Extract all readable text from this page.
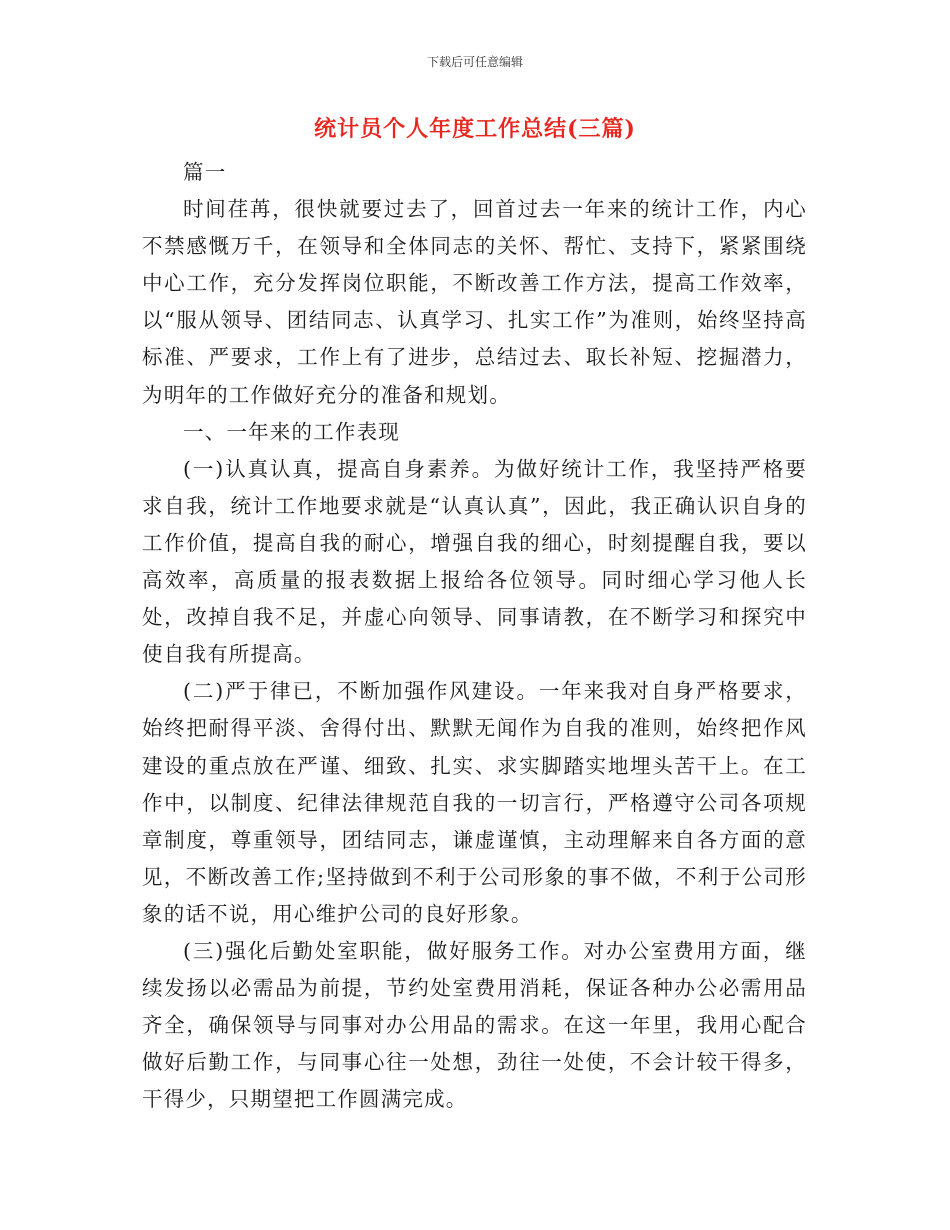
下载后可任意编辑
统计员个人年度工作总结(三篇)

篇一

时间荏苒，很快就要过去了，回首过去一年来的统计工作，内心不禁感慨万千，在领导和全体同志的关怀、帮忙、支持下，紧紧围绕中心工作，充分发挥岗位职能，不断改善工作方法，提高工作效率，以“服从领导、团结同志、认真学习、扎实工作”为准则，始终坚持高标准、严要求，工作上有了进步，总结过去、取长补短、挖掘潜力，为明年的工作做好充分的准备和规划。

一、一年来的工作表现

(一)认真认真，提高自身素养。为做好统计工作，我坚持严格要求自我，统计工作地要求就是“认真认真”，因此，我正确认识自身的工作价值，提高自我的耐心，增强自我的细心，时刻提醒自我，要以高效率，高质量的报表数据上报给各位领导。同时细心学习他人长处，改掉自我不足，并虚心向领导、同事请教，在不断学习和探究中使自我有所提高。

(二)严于律已，不断加强作风建设。一年来我对自身严格要求，始终把耐得平淡、舍得付出、默默无闻作为自我的准则，始终把作风建设的重点放在严谨、细致、扎实、求实脚踏实地埋头苦干上。在工作中，以制度、纪律法律规范自我的一切言行，严格遵守公司各项规章制度，尊重领导，团结同志，谦虚谨慎，主动理解来自各方面的意见，不断改善工作;坚持做到不利于公司形象的事不做，不利于公司形象的话不说，用心维护公司的良好形象。

(三)强化后勤处室职能，做好服务工作。对办公室费用方面，继续发扬以必需品为前提，节约处室费用消耗，保证各种办公必需用品齐全，确保领导与同事对办公用品的需求。在这一年里，我用心配合做好后勤工作，与同事心往一处想，劲往一处使，不会计较干得多，干得少，只期望把工作圆满完成。
